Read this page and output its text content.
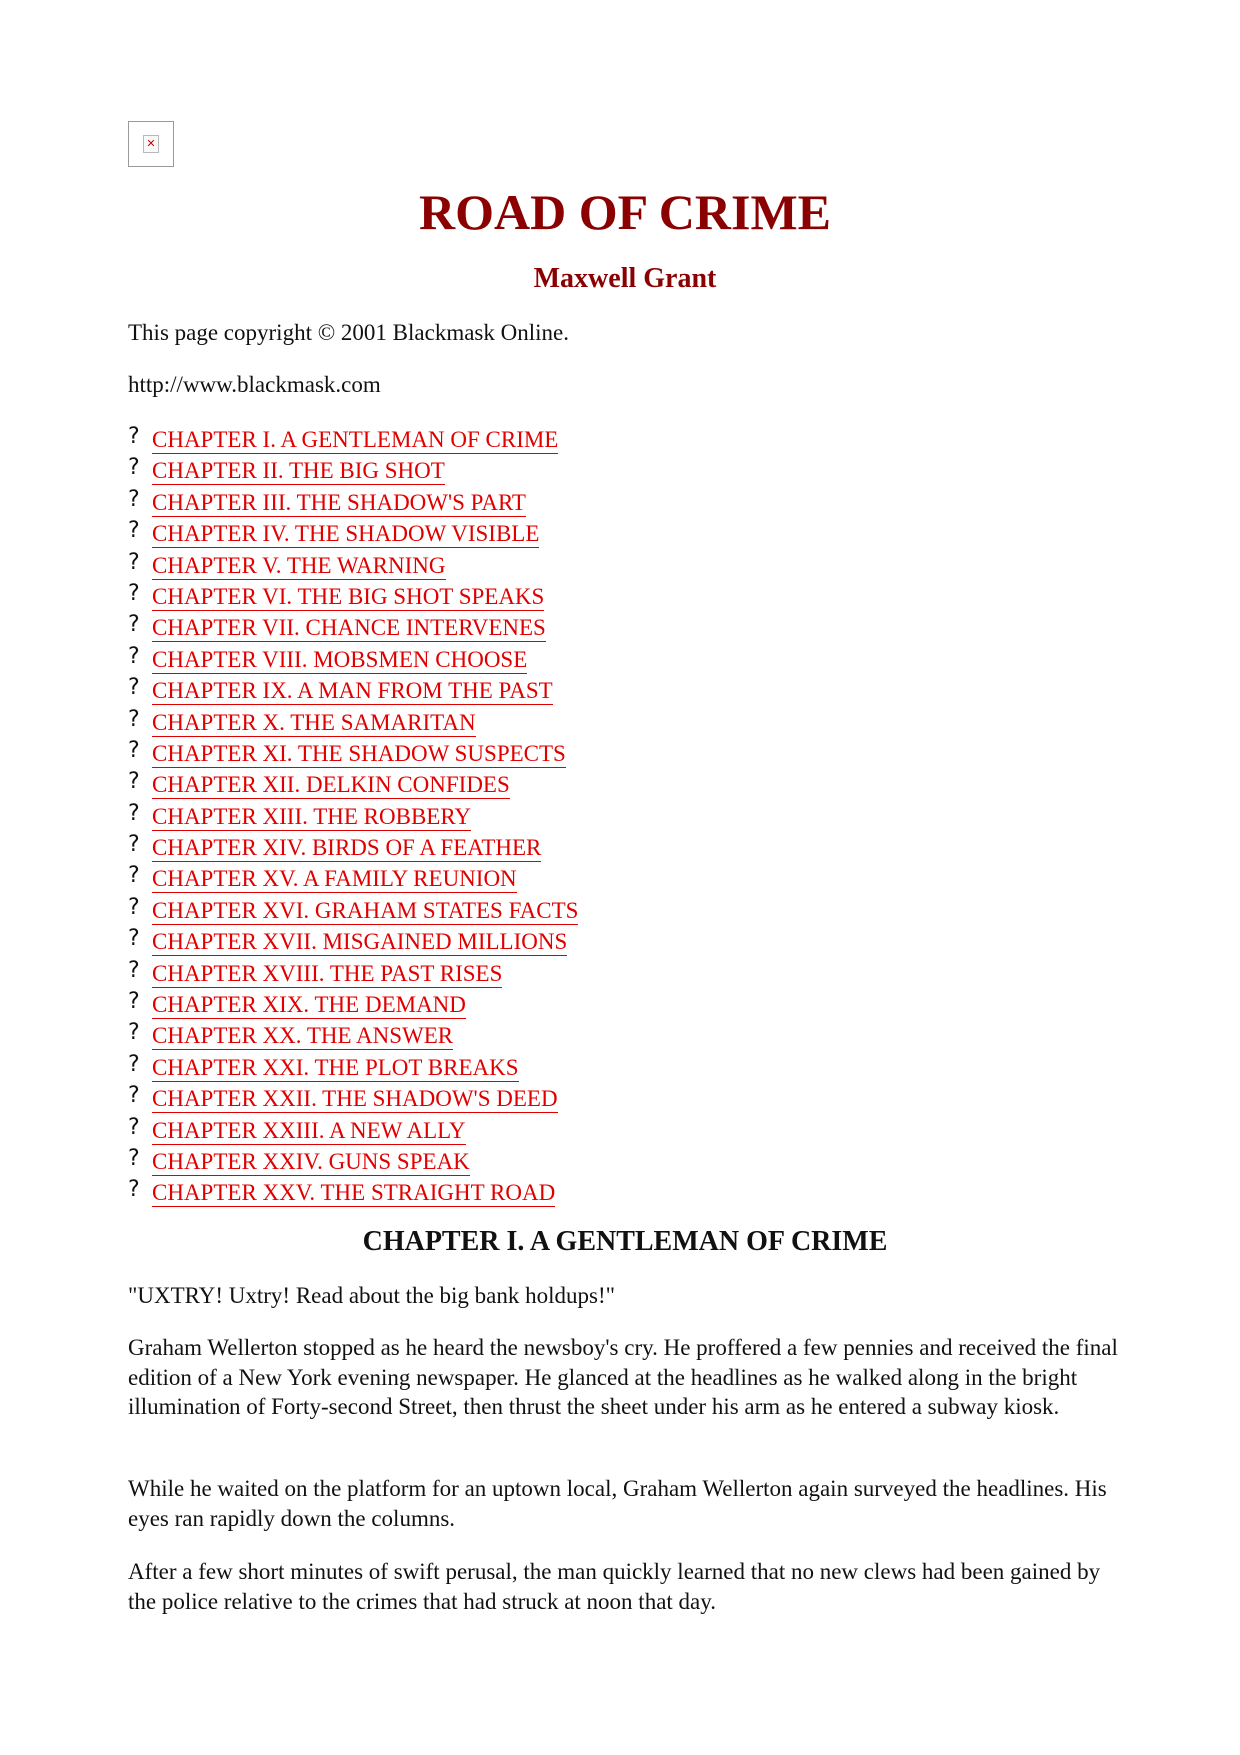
✕
ROAD OF CRIME
Maxwell Grant

This page copyright © 2001 Blackmask Online.

http://www.blackmask.com

? CHAPTER I. A GENTLEMAN OF CRIME
? CHAPTER II. THE BIG SHOT
? CHAPTER III. THE SHADOW'S PART
? CHAPTER IV. THE SHADOW VISIBLE
? CHAPTER V. THE WARNING
? CHAPTER VI. THE BIG SHOT SPEAKS
? CHAPTER VII. CHANCE INTERVENES
? CHAPTER VIII. MOBSMEN CHOOSE
? CHAPTER IX. A MAN FROM THE PAST
? CHAPTER X. THE SAMARITAN
? CHAPTER XI. THE SHADOW SUSPECTS
? CHAPTER XII. DELKIN CONFIDES
? CHAPTER XIII. THE ROBBERY
? CHAPTER XIV. BIRDS OF A FEATHER
? CHAPTER XV. A FAMILY REUNION
? CHAPTER XVI. GRAHAM STATES FACTS
? CHAPTER XVII. MISGAINED MILLIONS
? CHAPTER XVIII. THE PAST RISES
? CHAPTER XIX. THE DEMAND
? CHAPTER XX. THE ANSWER
? CHAPTER XXI. THE PLOT BREAKS
? CHAPTER XXII. THE SHADOW'S DEED
? CHAPTER XXIII. A NEW ALLY
? CHAPTER XXIV. GUNS SPEAK
? CHAPTER XXV. THE STRAIGHT ROAD
CHAPTER I. A GENTLEMAN OF CRIME

"UXTRY! Uxtry! Read about the big bank holdups!"

Graham Wellerton stopped as he heard the newsboy's cry. He proffered a few pennies and received the final edition of a New York evening newspaper. He glanced at the headlines as he walked along in the bright illumination of Forty-second Street, then thrust the sheet under his arm as he entered a subway kiosk.

While he waited on the platform for an uptown local, Graham Wellerton again surveyed the headlines. His eyes ran rapidly down the columns.

After a few short minutes of swift perusal, the man quickly learned that no new clews had been gained by the police relative to the crimes that had struck at noon that day.
